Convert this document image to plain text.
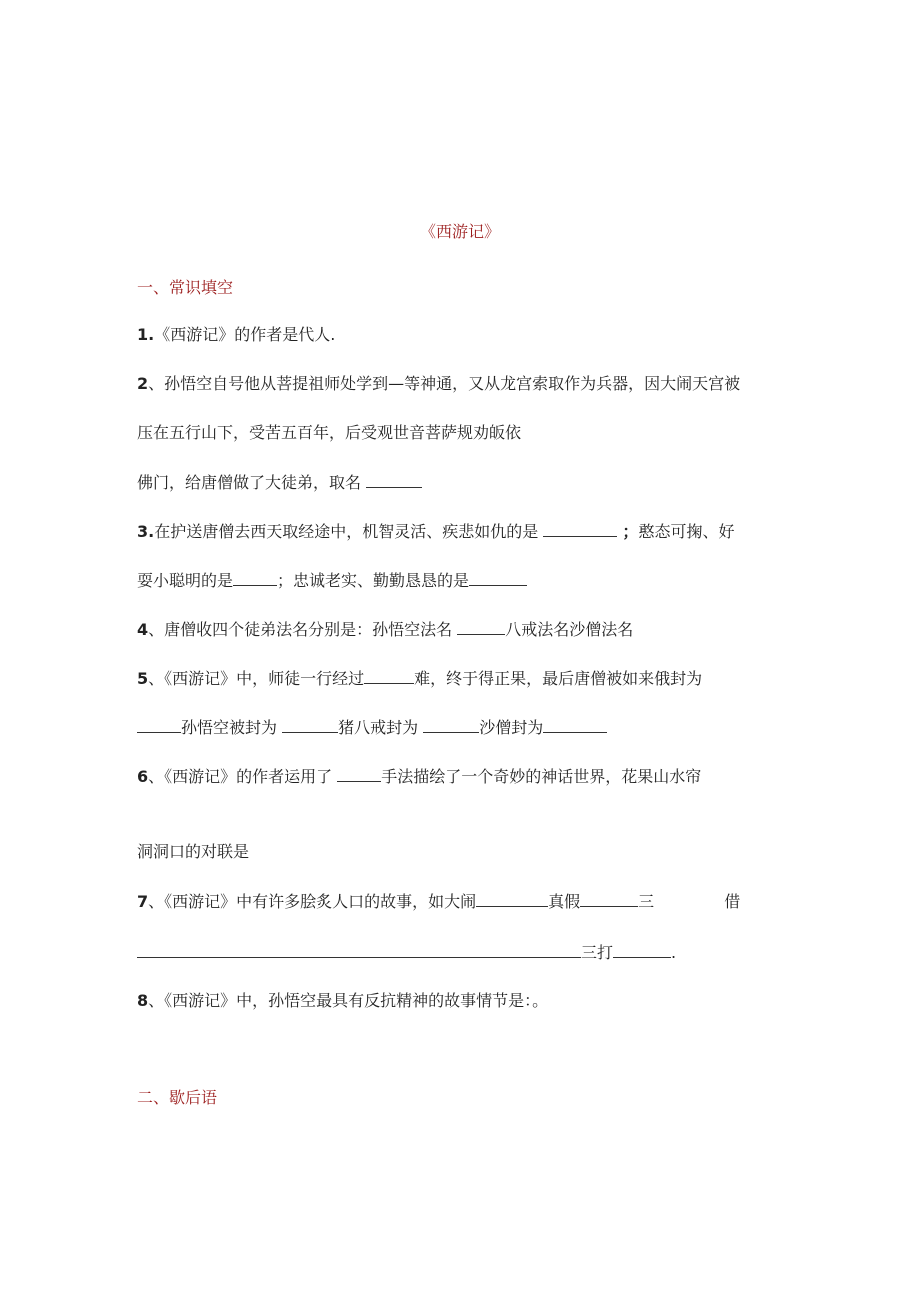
《西游记》

一、常识填空

1.《西游记》的作者是代人.

2、孙悟空自号他从菩提祖师处学到—等神通，又从龙宫索取作为兵器，因大闹天宫被

压在五行山下，受苦五百年，后受观世音菩萨规劝皈依

佛门，给唐僧做了大徒弟，取名

3.在护送唐僧去西天取经途中，机智灵活、疾悲如仇的是	；憨态可掬、好

耍小聪明的是	；忠诚老实、勤勤恳恳的是

4、唐僧收四个徒弟法名分别是：孙悟空法名	八戒法名沙僧法名

5、《西游记》中，师徒一行经过	难，终于得正果，最后唐僧被如来俄封为

孙悟空被封为	猪八戒封为	沙僧封为

6、《西游记》的作者运用了	手法描绘了一个奇妙的神话世界，花果山水帘

洞洞口的对联是

7、《西游记》中有许多脍炙人口的故事，如大闹	真假	三	借

三打	.

8、《西游记》中，孙悟空最具有反抗精神的故事情节是：。

二、歇后语
